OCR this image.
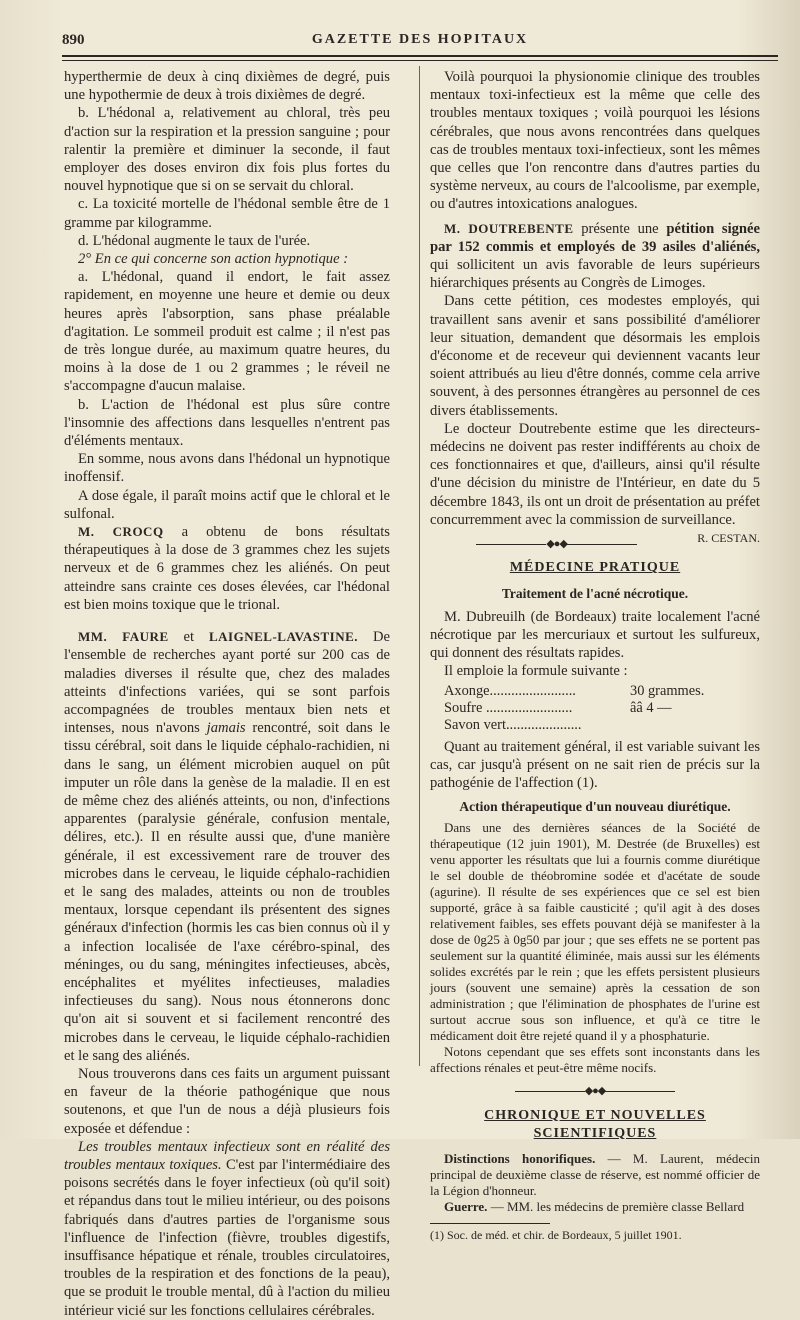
890	GAZETTE DES HOPITAUX

hyperthermie de deux à cinq dixièmes de degré, puis une hypothermie de deux à trois dixièmes de degré.

b. L'hédonal a, relativement au chloral, très peu d'action sur la respiration et la pression sanguine ; pour ralentir la première et diminuer la seconde, il faut employer des doses environ dix fois plus fortes du nouvel hypnotique que si on se servait du chloral.

c. La toxicité mortelle de l'hédonal semble être de 1 gramme par kilogramme.

d. L'hédonal augmente le taux de l'urée.

2° En ce qui concerne son action hypnotique :

a. L'hédonal, quand il endort, le fait assez rapidement, en moyenne une heure et demie ou deux heures après l'absorption, sans phase préalable d'agitation. Le sommeil produit est calme ; il n'est pas de très longue durée, au maximum quatre heures, du moins à la dose de 1 ou 2 grammes ; le réveil ne s'accompagne d'aucun malaise.

b. L'action de l'hédonal est plus sûre contre l'insomnie des affections dans lesquelles n'entrent pas d'éléments mentaux.

En somme, nous avons dans l'hédonal un hypnotique inoffensif.

A dose égale, il paraît moins actif que le chloral et le sulfonal.

M. CROCQ a obtenu de bons résultats thérapeutiques à la dose de 3 grammes chez les sujets nerveux et de 6 grammes chez les aliénés. On peut atteindre sans crainte ces doses élevées, car l'hédonal est bien moins toxique que le trional.

MM. FAURE et LAIGNEL-LAVASTINE. De l'ensemble de recherches ayant porté sur 200 cas de maladies diverses il résulte que, chez des malades atteints d'infections variées, qui se sont parfois accompagnées de troubles mentaux bien nets et intenses, nous n'avons jamais rencontré, soit dans le tissu cérébral, soit dans le liquide céphalo-rachidien, ni dans le sang, un élément microbien auquel on pût imputer un rôle dans la genèse de la maladie. Il en est de même chez des aliénés atteints, ou non, d'infections apparentes (paralysie générale, confusion mentale, délires, etc.). Il en résulte aussi que, d'une manière générale, il est excessivement rare de trouver des microbes dans le cerveau, le liquide céphalo-rachidien et le sang des malades, atteints ou non de troubles mentaux, lorsque cependant ils présentent des signes généraux d'infection (hormis les cas bien connus où il y a infection localisée de l'axe cérébro-spinal, des méninges, ou du sang, méningites infectieuses, abcès, encéphalites et myélites infectieuses, maladies infectieuses du sang). Nous nous étonnerons donc qu'on ait si souvent et si facilement rencontré des microbes dans le cerveau, le liquide céphalo-rachidien et le sang des aliénés.

Nous trouverons dans ces faits un argument puissant en faveur de la théorie pathogénique que nous soutenons, et que l'un de nous a déjà plusieurs fois exposée et défendue :

Les troubles mentaux infectieux sont en réalité des troubles mentaux toxiques. C'est par l'intermédiaire des poisons secrétés dans le foyer infectieux (où qu'il soit) et répandus dans tout le milieu intérieur, ou des poisons fabriqués dans d'autres parties de l'organisme sous l'influence de l'infection (fièvre, troubles digestifs, insuffisance hépatique et rénale, troubles circulatoires, troubles de la respiration et des fonctions de la peau), que se produit le trouble mental, dû à l'action du milieu intérieur vicié sur les fonctions cellulaires cérébrales.

Voilà pourquoi la physionomie clinique des troubles mentaux toxi-infectieux est la même que celle des troubles mentaux toxiques ; voilà pourquoi les lésions cérébrales, que nous avons rencontrées dans quelques cas de troubles mentaux toxi-infectieux, sont les mêmes que celles que l'on rencontre dans d'autres parties du système nerveux, au cours de l'alcoolisme, par exemple, ou d'autres intoxications analogues.

M. DOUTREBENTE présente une pétition signée par 152 commis et employés de 39 asiles d'aliénés, qui sollicitent un avis favorable de leurs supérieurs hiérarchiques présents au Congrès de Limoges.

Dans cette pétition, ces modestes employés, qui travaillent sans avenir et sans possibilité d'améliorer leur situation, demandent que désormais les emplois d'économe et de receveur qui deviennent vacants leur soient attribués au lieu d'être donnés, comme cela arrive souvent, à des personnes étrangères au personnel de ces divers établissements.

Le docteur Doutrebente estime que les directeurs-médecins ne doivent pas rester indifférents au choix de ces fonctionnaires et que, d'ailleurs, ainsi qu'il résulte d'une décision du ministre de l'Intérieur, en date du 5 décembre 1843, ils ont un droit de présentation au préfet concurremment avec la commission de surveillance.
R. CESTAN.

◆●◆
MÉDECINE PRATIQUE
Traitement de l'acné nécrotique.

M. Dubreuilh (de Bordeaux) traite localement l'acné nécrotique par les mercuriaux et surtout les sulfureux, qui donnent des résultats rapides.

Il emploie la formule suivante :

Axonge........................	30 grammes.
Soufre ........................	ââ 4 —
Savon vert.....................

Quant au traitement général, il est variable suivant les cas, car jusqu'à présent on ne sait rien de précis sur la pathogénie de l'affection (1).

Action thérapeutique d'un nouveau diurétique.

Dans une des dernières séances de la Société de thérapeutique (12 juin 1901), M. Destrée (de Bruxelles) est venu apporter les résultats que lui a fournis comme diurétique le sel double de théobromine sodée et d'acétate de soude (agurine). Il résulte de ses expériences que ce sel est bien supporté, grâce à sa faible causticité ; qu'il agit à des doses relativement faibles, ses effets pouvant déjà se manifester à la dose de 0g25 à 0g50 par jour ; que ses effets ne se portent pas seulement sur la quantité éliminée, mais aussi sur les éléments solides excrétés par le rein ; que les effets persistent plusieurs jours (souvent une semaine) après la cessation de son administration ; que l'élimination de phosphates de l'urine est surtout accrue sous son influence, et qu'à ce titre le médicament doit être rejeté quand il y a phosphaturie.

Notons cependant que ses effets sont inconstants dans les affections rénales et peut-être même nocifs.

◆●◆
CHRONIQUE ET NOUVELLES SCIENTIFIQUES

Distinctions honorifiques. — M. Laurent, médecin principal de deuxième classe de réserve, est nommé officier de la Légion d'honneur.

Guerre. — MM. les médecins de première classe Bellard

(1) Soc. de méd. et chir. de Bordeaux, 5 juillet 1901.
